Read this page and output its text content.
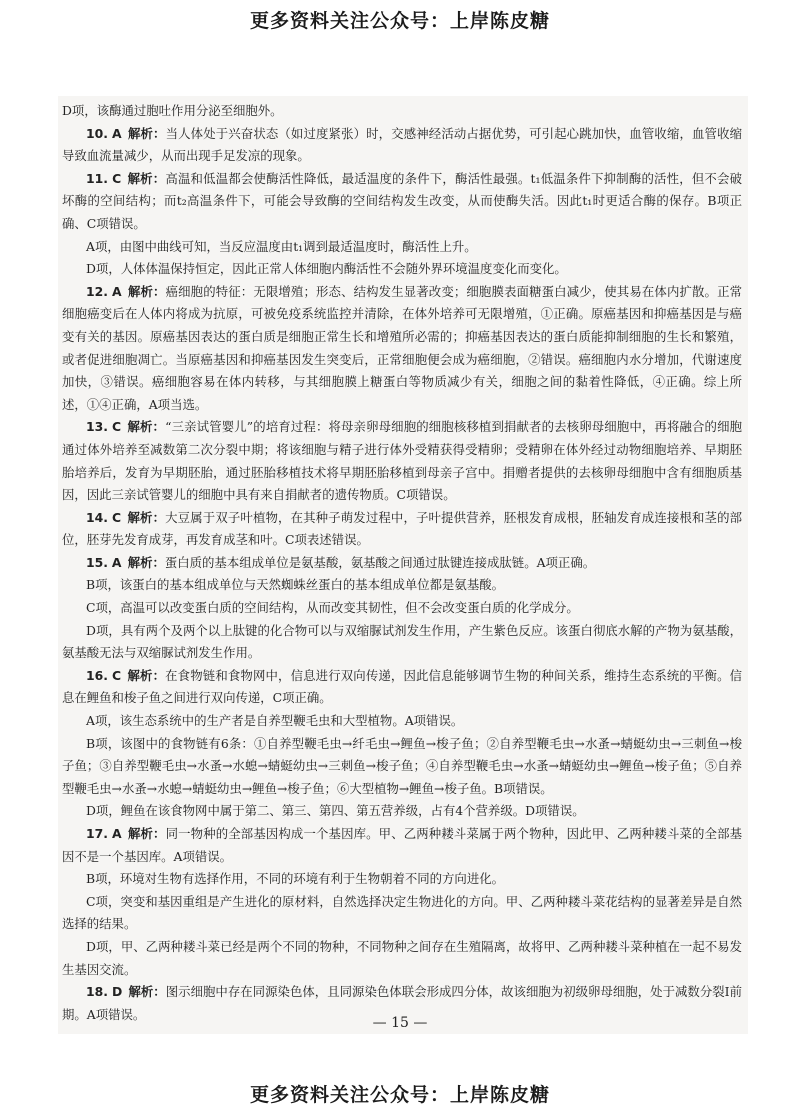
更多资料关注公众号：上岸陈皮糖

D项，该酶通过胞吐作用分泌至细胞外。

10. A  解析：当人体处于兴奋状态（如过度紧张）时，交感神经活动占据优势，可引起心跳加快，血管收缩，血管收缩导致血流量减少，从而出现手足发凉的现象。

11. C  解析：高温和低温都会使酶活性降低，最适温度的条件下，酶活性最强。t₁低温条件下抑制酶的活性，但不会破坏酶的空间结构；而t₂高温条件下，可能会导致酶的空间结构发生改变，从而使酶失活。因此t₁时更适合酶的保存。B项正确、C项错误。

A项，由图中曲线可知，当反应温度由t₁调到最适温度时，酶活性上升。

D项，人体体温保持恒定，因此正常人体细胞内酶活性不会随外界环境温度变化而变化。

12. A  解析：癌细胞的特征：无限增殖；形态、结构发生显著改变；细胞膜表面糖蛋白减少，使其易在体内扩散。正常细胞癌变后在人体内将成为抗原，可被免疫系统监控并清除，在体外培养可无限增殖，①正确。原癌基因和抑癌基因是与癌变有关的基因。原癌基因表达的蛋白质是细胞正常生长和增殖所必需的；抑癌基因表达的蛋白质能抑制细胞的生长和繁殖，或者促进细胞凋亡。当原癌基因和抑癌基因发生突变后，正常细胞便会成为癌细胞，②错误。癌细胞内水分增加，代谢速度加快，③错误。癌细胞容易在体内转移，与其细胞膜上糖蛋白等物质减少有关，细胞之间的黏着性降低，④正确。综上所述，①④正确，A项当选。

13. C  解析：“三亲试管婴儿”的培育过程：将母亲卵母细胞的细胞核移植到捐献者的去核卵母细胞中，再将融合的细胞通过体外培养至减数第二次分裂中期；将该细胞与精子进行体外受精获得受精卵；受精卵在体外经过动物细胞培养、早期胚胎培养后，发育为早期胚胎，通过胚胎移植技术将早期胚胎移植到母亲子宫中。捐赠者提供的去核卵母细胞中含有细胞质基因，因此三亲试管婴儿的细胞中具有来自捐献者的遗传物质。C项错误。

14. C  解析：大豆属于双子叶植物，在其种子萌发过程中，子叶提供营养，胚根发育成根，胚轴发育成连接根和茎的部位，胚芽先发育成芽，再发育成茎和叶。C项表述错误。

15. A  解析：蛋白质的基本组成单位是氨基酸，氨基酸之间通过肽键连接成肽链。A项正确。

B项，该蛋白的基本组成单位与天然蜘蛛丝蛋白的基本组成单位都是氨基酸。

C项，高温可以改变蛋白质的空间结构，从而改变其韧性，但不会改变蛋白质的化学成分。

D项，具有两个及两个以上肽键的化合物可以与双缩脲试剂发生作用，产生紫色反应。该蛋白彻底水解的产物为氨基酸，氨基酸无法与双缩脲试剂发生作用。

16. C  解析：在食物链和食物网中，信息进行双向传递，因此信息能够调节生物的种间关系，维持生态系统的平衡。信息在鲤鱼和梭子鱼之间进行双向传递，C项正确。

A项，该生态系统中的生产者是自养型鞭毛虫和大型植物。A项错误。

B项，该图中的食物链有6条：①自养型鞭毛虫→纤毛虫→鲤鱼→梭子鱼；②自养型鞭毛虫→水蚤→蜻蜓幼虫→三刺鱼→梭子鱼；③自养型鞭毛虫→水蚤→水螅→蜻蜓幼虫→三刺鱼→梭子鱼；④自养型鞭毛虫→水蚤→蜻蜓幼虫→鲤鱼→梭子鱼；⑤自养型鞭毛虫→水蚤→水螅→蜻蜓幼虫→鲤鱼→梭子鱼；⑥大型植物→鲤鱼→梭子鱼。B项错误。

D项，鲤鱼在该食物网中属于第二、第三、第四、第五营养级，占有4个营养级。D项错误。

17. A  解析：同一物种的全部基因构成一个基因库。甲、乙两种耧斗菜属于两个物种，因此甲、乙两种耧斗菜的全部基因不是一个基因库。A项错误。

B项，环境对生物有选择作用，不同的环境有利于生物朝着不同的方向进化。

C项，突变和基因重组是产生进化的原材料，自然选择决定生物进化的方向。甲、乙两种耧斗菜花结构的显著差异是自然选择的结果。

D项，甲、乙两种耧斗菜已经是两个不同的物种，不同物种之间存在生殖隔离，故将甲、乙两种耧斗菜种植在一起不易发生基因交流。

18. D  解析：图示细胞中存在同源染色体，且同源染色体联会形成四分体，故该细胞为初级卵母细胞，处于减数分裂Ⅰ前期。A项错误。

— 15 —
更多资料关注公众号：上岸陈皮糖
